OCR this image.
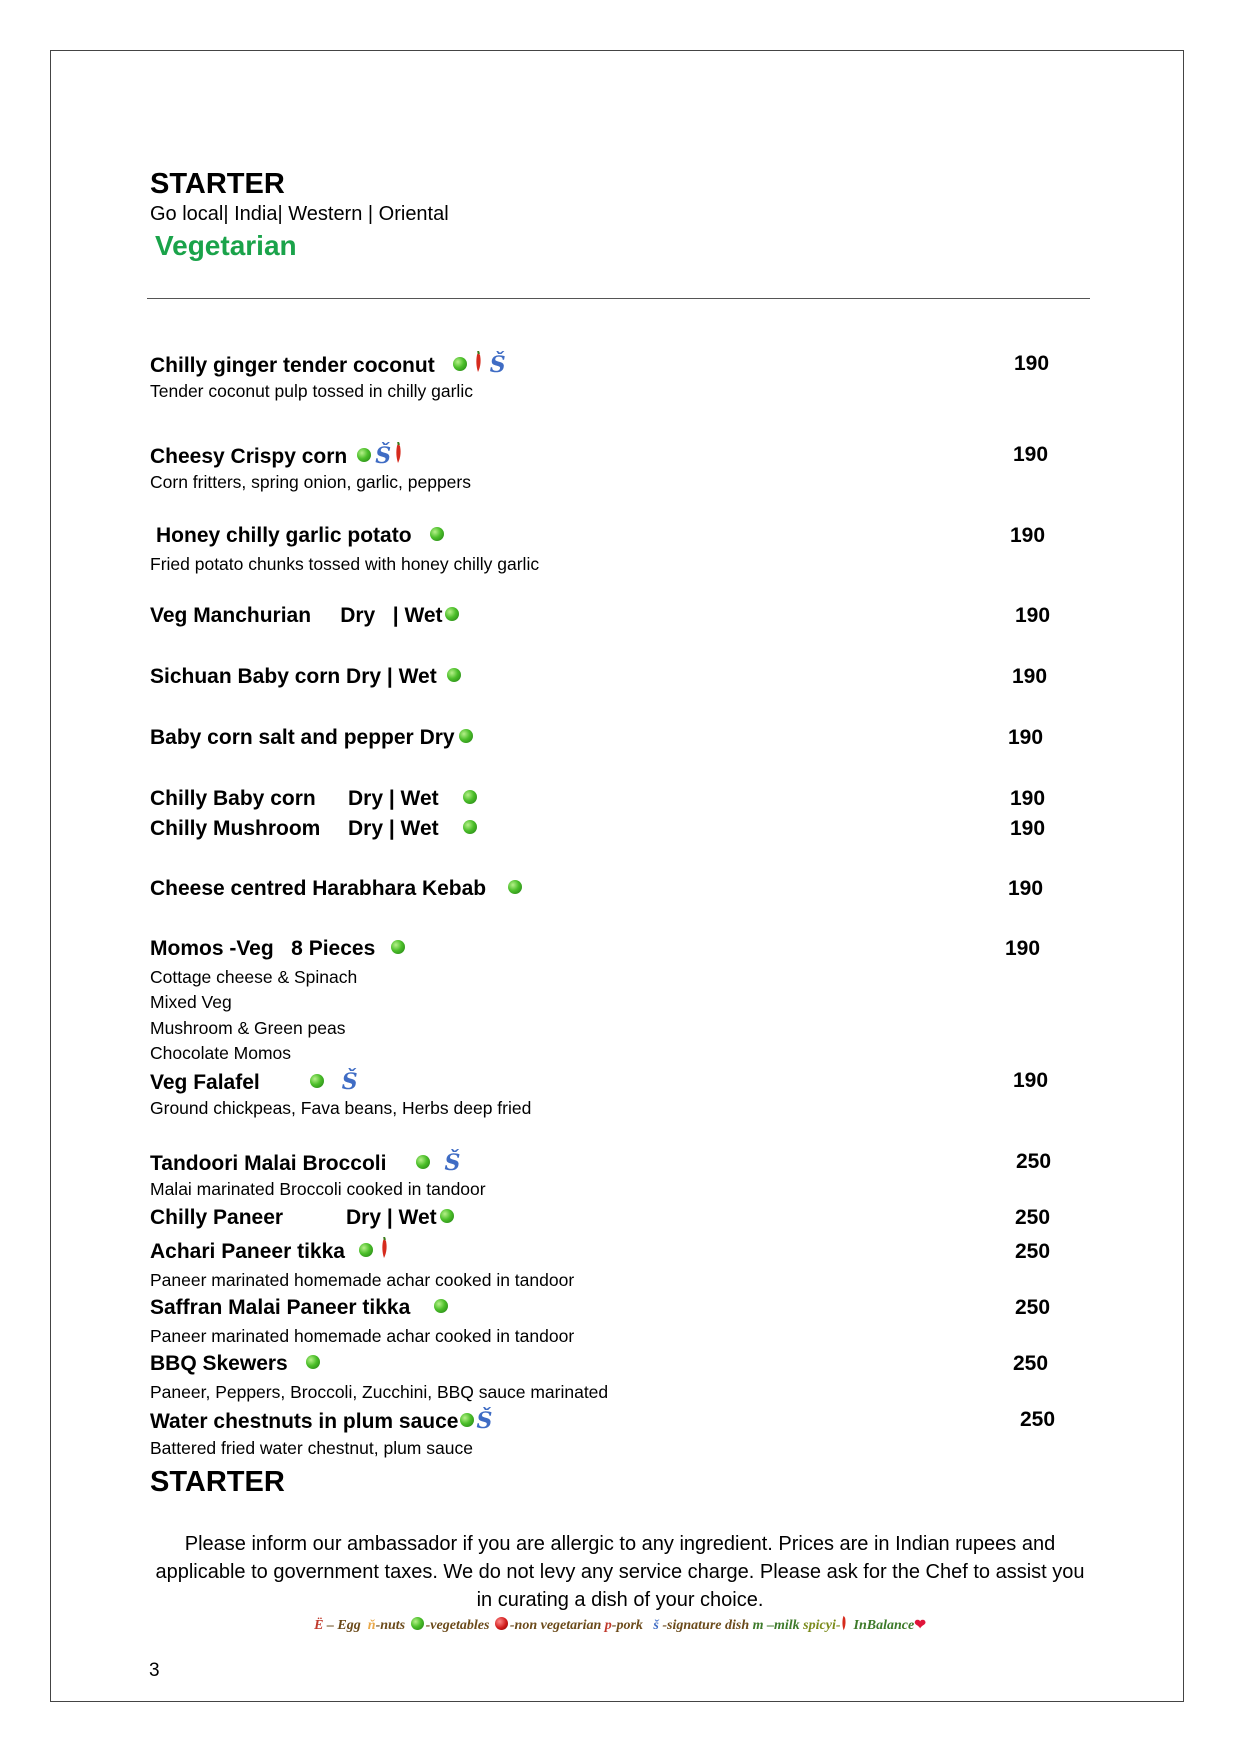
STARTER
Go local| India| Western | Oriental
Vegetarian
Chilly ginger tender coconut	Š	190
Tender coconut pulp tossed in chilly garlic
Cheesy Crispy corn Š	190
Corn fritters, spring onion, garlic, peppers
Honey chilly garlic potato	190
Fried potato chunks tossed with honey chilly garlic
Veg Manchurian     Dry   | Wet	190
Sichuan Baby corn Dry | Wet	190
Baby corn salt and pepper Dry	190
Chilly Baby corn Dry | Wet	190
Chilly Mushroom Dry | Wet	190
Cheese centred Harabhara Kebab	190
Momos -Veg   8 Pieces	190
Cottage cheese & Spinach
Mixed Veg
Mushroom & Green peas
Chocolate Momos
Veg Falafel	Š	190
Ground chickpeas, Fava beans, Herbs deep fried
Tandoori Malai Broccoli	Š	250
Malai marinated Broccoli cooked in tandoor
Chilly Paneer	Dry | Wet	250
Achari Paneer tikka	250
Paneer marinated homemade achar cooked in tandoor
Saffran Malai Paneer tikka	250
Paneer marinated homemade achar cooked in tandoor
BBQ Skewers	250
Paneer, Peppers, Broccoli, Zucchini, BBQ sauce marinated
Water chestnuts in plum sauce Š	250
Battered fried water chestnut, plum sauce
STARTER
Please inform our ambassador if you are allergic to any ingredient. Prices are in Indian rupees and applicable to government taxes. We do not levy any service charge. Please ask for the Chef to assist you in curating a dish of your choice.
Ë – Egg ň-nuts -vegetables -non vegetarian p-pork š -signature dish m –milk spicyi- InBalance❤
3
